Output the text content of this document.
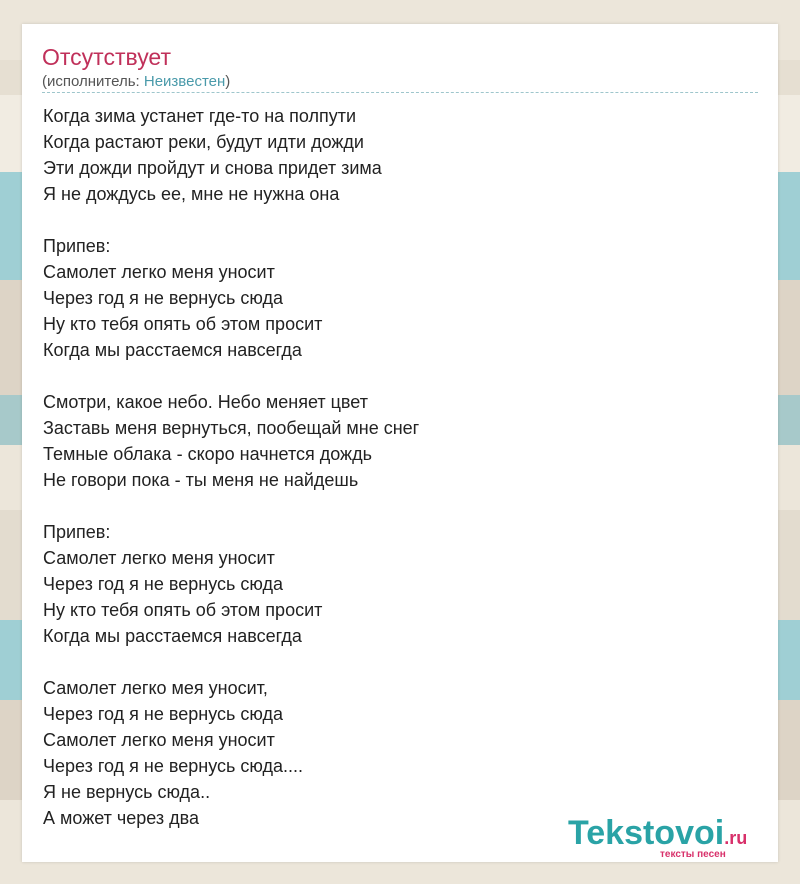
Отсутствует
(исполнитель: Неизвестен)
Когда зима устанет где-то на полпути
Когда растают реки, будут идти дожди
Эти дожди пройдут и снова придет зима
Я не дождусь ее, мне не нужна она

Припев:
Самолет легко меня уносит
Через год я не вернусь сюда
Ну кто тебя опять об этом просит
Когда мы расстаемся навсегда

Смотри, какое небо. Небо меняет цвет
Заставь меня вернуться, пообещай мне снег
Темные облака - скоро начнется дождь
Не говори пока - ты меня не найдешь

Припев:
Самолет легко меня уносит
Через год я не вернусь сюда
Ну кто тебя опять об этом просит
Когда мы расстаемся навсегда

Самолет легко мея уносит,
Через год я не вернусь сюда
Самолет легко меня уносит
Через год я не вернусь сюда....
Я не вернусь сюда..
А может через два	Tekstovoi.ru
тексты песен
